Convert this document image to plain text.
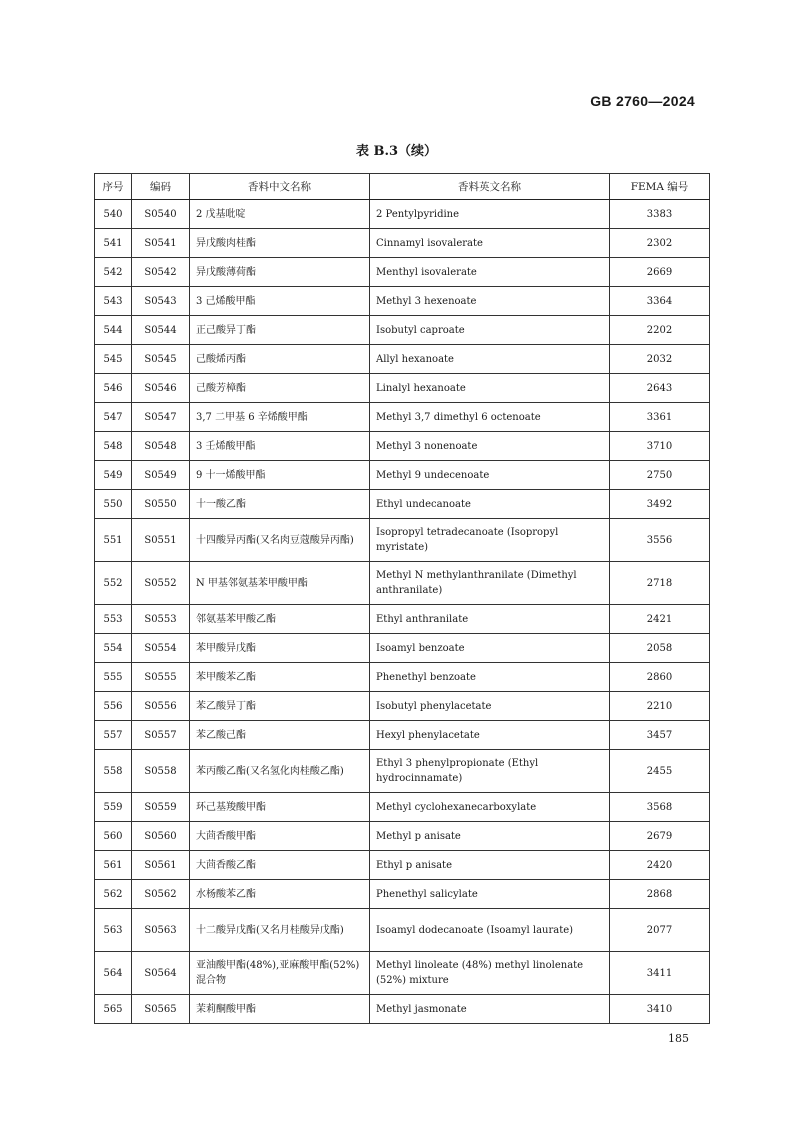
GB 2760—2024
表 B.3（续）
序号	编码	香料中文名称	香料英文名称	FEMA 编号
540	S0540	2 戊基吡啶	2 Pentylpyridine	3383
541	S0541	异戊酸肉桂酯	Cinnamyl isovalerate	2302
542	S0542	异戊酸薄荷酯	Menthyl isovalerate	2669
543	S0543	3 己烯酸甲酯	Methyl 3 hexenoate	3364
544	S0544	正己酸异丁酯	Isobutyl caproate	2202
545	S0545	己酸烯丙酯	Allyl hexanoate	2032
546	S0546	己酸芳樟酯	Linalyl hexanoate	2643
547	S0547	3,7 二甲基 6 辛烯酸甲酯	Methyl 3,7 dimethyl 6 octenoate	3361
548	S0548	3 壬烯酸甲酯	Methyl 3 nonenoate	3710
549	S0549	9 十一烯酸甲酯	Methyl 9 undecenoate	2750
550	S0550	十一酸乙酯	Ethyl undecanoate	3492
551	S0551	十四酸异丙酯(又名肉豆蔻酸异丙酯)	Isopropyl tetradecanoate (Isopropyl myristate)	3556
552	S0552	N 甲基邻氨基苯甲酸甲酯	Methyl N methylanthranilate (Dimethyl anthranilate)	2718
553	S0553	邻氨基苯甲酸乙酯	Ethyl anthranilate	2421
554	S0554	苯甲酸异戊酯	Isoamyl benzoate	2058
555	S0555	苯甲酸苯乙酯	Phenethyl benzoate	2860
556	S0556	苯乙酸异丁酯	Isobutyl phenylacetate	2210
557	S0557	苯乙酸己酯	Hexyl phenylacetate	3457
558	S0558	苯丙酸乙酯(又名氢化肉桂酸乙酯)	Ethyl 3 phenylpropionate (Ethyl hydrocinnamate)	2455
559	S0559	环己基羧酸甲酯	Methyl cyclohexanecarboxylate	3568
560	S0560	大茴香酸甲酯	Methyl p anisate	2679
561	S0561	大茴香酸乙酯	Ethyl p anisate	2420
562	S0562	水杨酸苯乙酯	Phenethyl salicylate	2868
563	S0563	十二酸异戊酯(又名月桂酸异戊酯)	Isoamyl dodecanoate (Isoamyl laurate)	2077
564	S0564	亚油酸甲酯(48%),亚麻酸甲酯(52%)混合物	Methyl linoleate (48%) methyl linolenate (52%) mixture	3411
565	S0565	茉莉酮酸甲酯	Methyl jasmonate	3410
185
